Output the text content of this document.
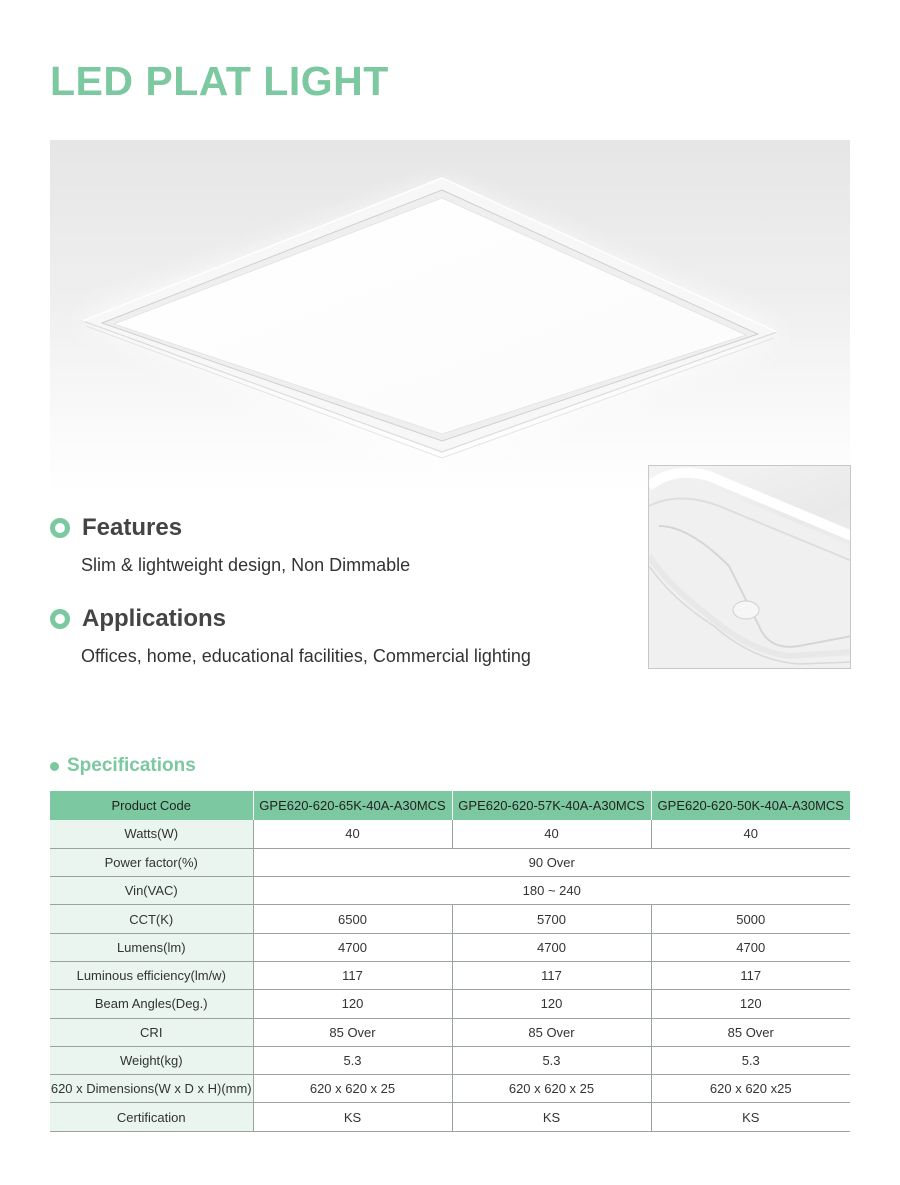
LED PLAT LIGHT
Features
Slim & lightweight design, Non Dimmable
Applications
Offices, home, educational facilities, Commercial lighting
Specifications
Product Code	GPE620-620-65K-40A-A30MCS	GPE620-620-57K-40A-A30MCS	GPE620-620-50K-40A-A30MCS
Watts(W)	40	40	40
Power factor(%)	90 Over		
Vin(VAC)	180 ~ 240		
CCT(K)	6500	5700	5000
Lumens(lm)	4700	4700	4700
Luminous efficiency(lm/w)	117	117	117
Beam Angles(Deg.)	120	120	120
CRI	85 Over	85 Over	85 Over
Weight(kg)	5.3	5.3	5.3
620 x Dimensions(W x D x H)(mm)	620 x 620 x 25	620 x 620 x 25	620 x 620 x25
Certification	KS	KS	KS
